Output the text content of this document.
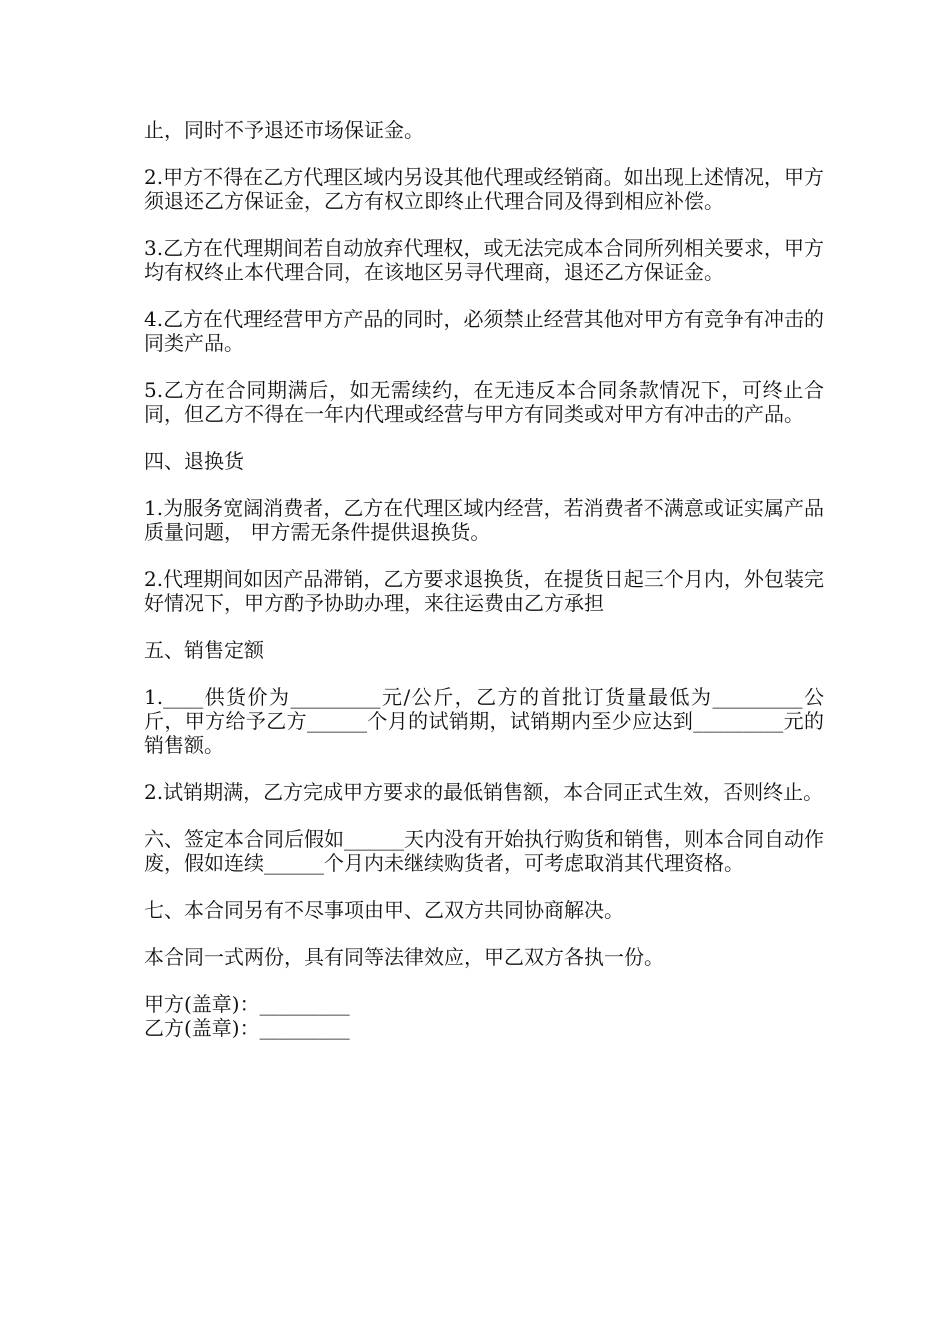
止，同时不予退还市场保证金。

2.甲方不得在乙方代理区域内另设其他代理或经销商。如出现上述情况，甲方须退还乙方保证金，乙方有权立即终止代理合同及得到相应补偿。

3.乙方在代理期间若自动放弃代理权，或无法完成本合同所列相关要求，甲方均有权终止本代理合同，在该地区另寻代理商，退还乙方保证金。

4.乙方在代理经营甲方产品的同时，必须禁止经营其他对甲方有竞争有冲击的同类产品。

5.乙方在合同期满后，如无需续约，在无违反本合同条款情况下，可终止合同，但乙方不得在一年内代理或经营与甲方有同类或对甲方有冲击的产品。

四、退换货

1.为服务宽阔消费者，乙方在代理区域内经营，若消费者不满意或证实属产品质量问题， 甲方需无条件提供退换货。

2.代理期间如因产品滞销，乙方要求退换货，在提货日起三个月内，外包装完好情况下，甲方酌予协助办理，来往运费由乙方承担

五、销售定额

1.____供货价为_________元/公斤，乙方的首批订货量最低为_________公斤，甲方给予乙方______个月的试销期，试销期内至少应达到_________元的销售额。

2.试销期满，乙方完成甲方要求的最低销售额，本合同正式生效，否则终止。

六、签定本合同后假如______天内没有开始执行购货和销售，则本合同自动作废，假如连续______个月内未继续购货者，可考虑取消其代理资格。

七、本合同另有不尽事项由甲、乙双方共同协商解决。

本合同一式两份，具有同等法律效应，甲乙双方各执一份。

甲方(盖章)：_________
乙方(盖章)：_________
